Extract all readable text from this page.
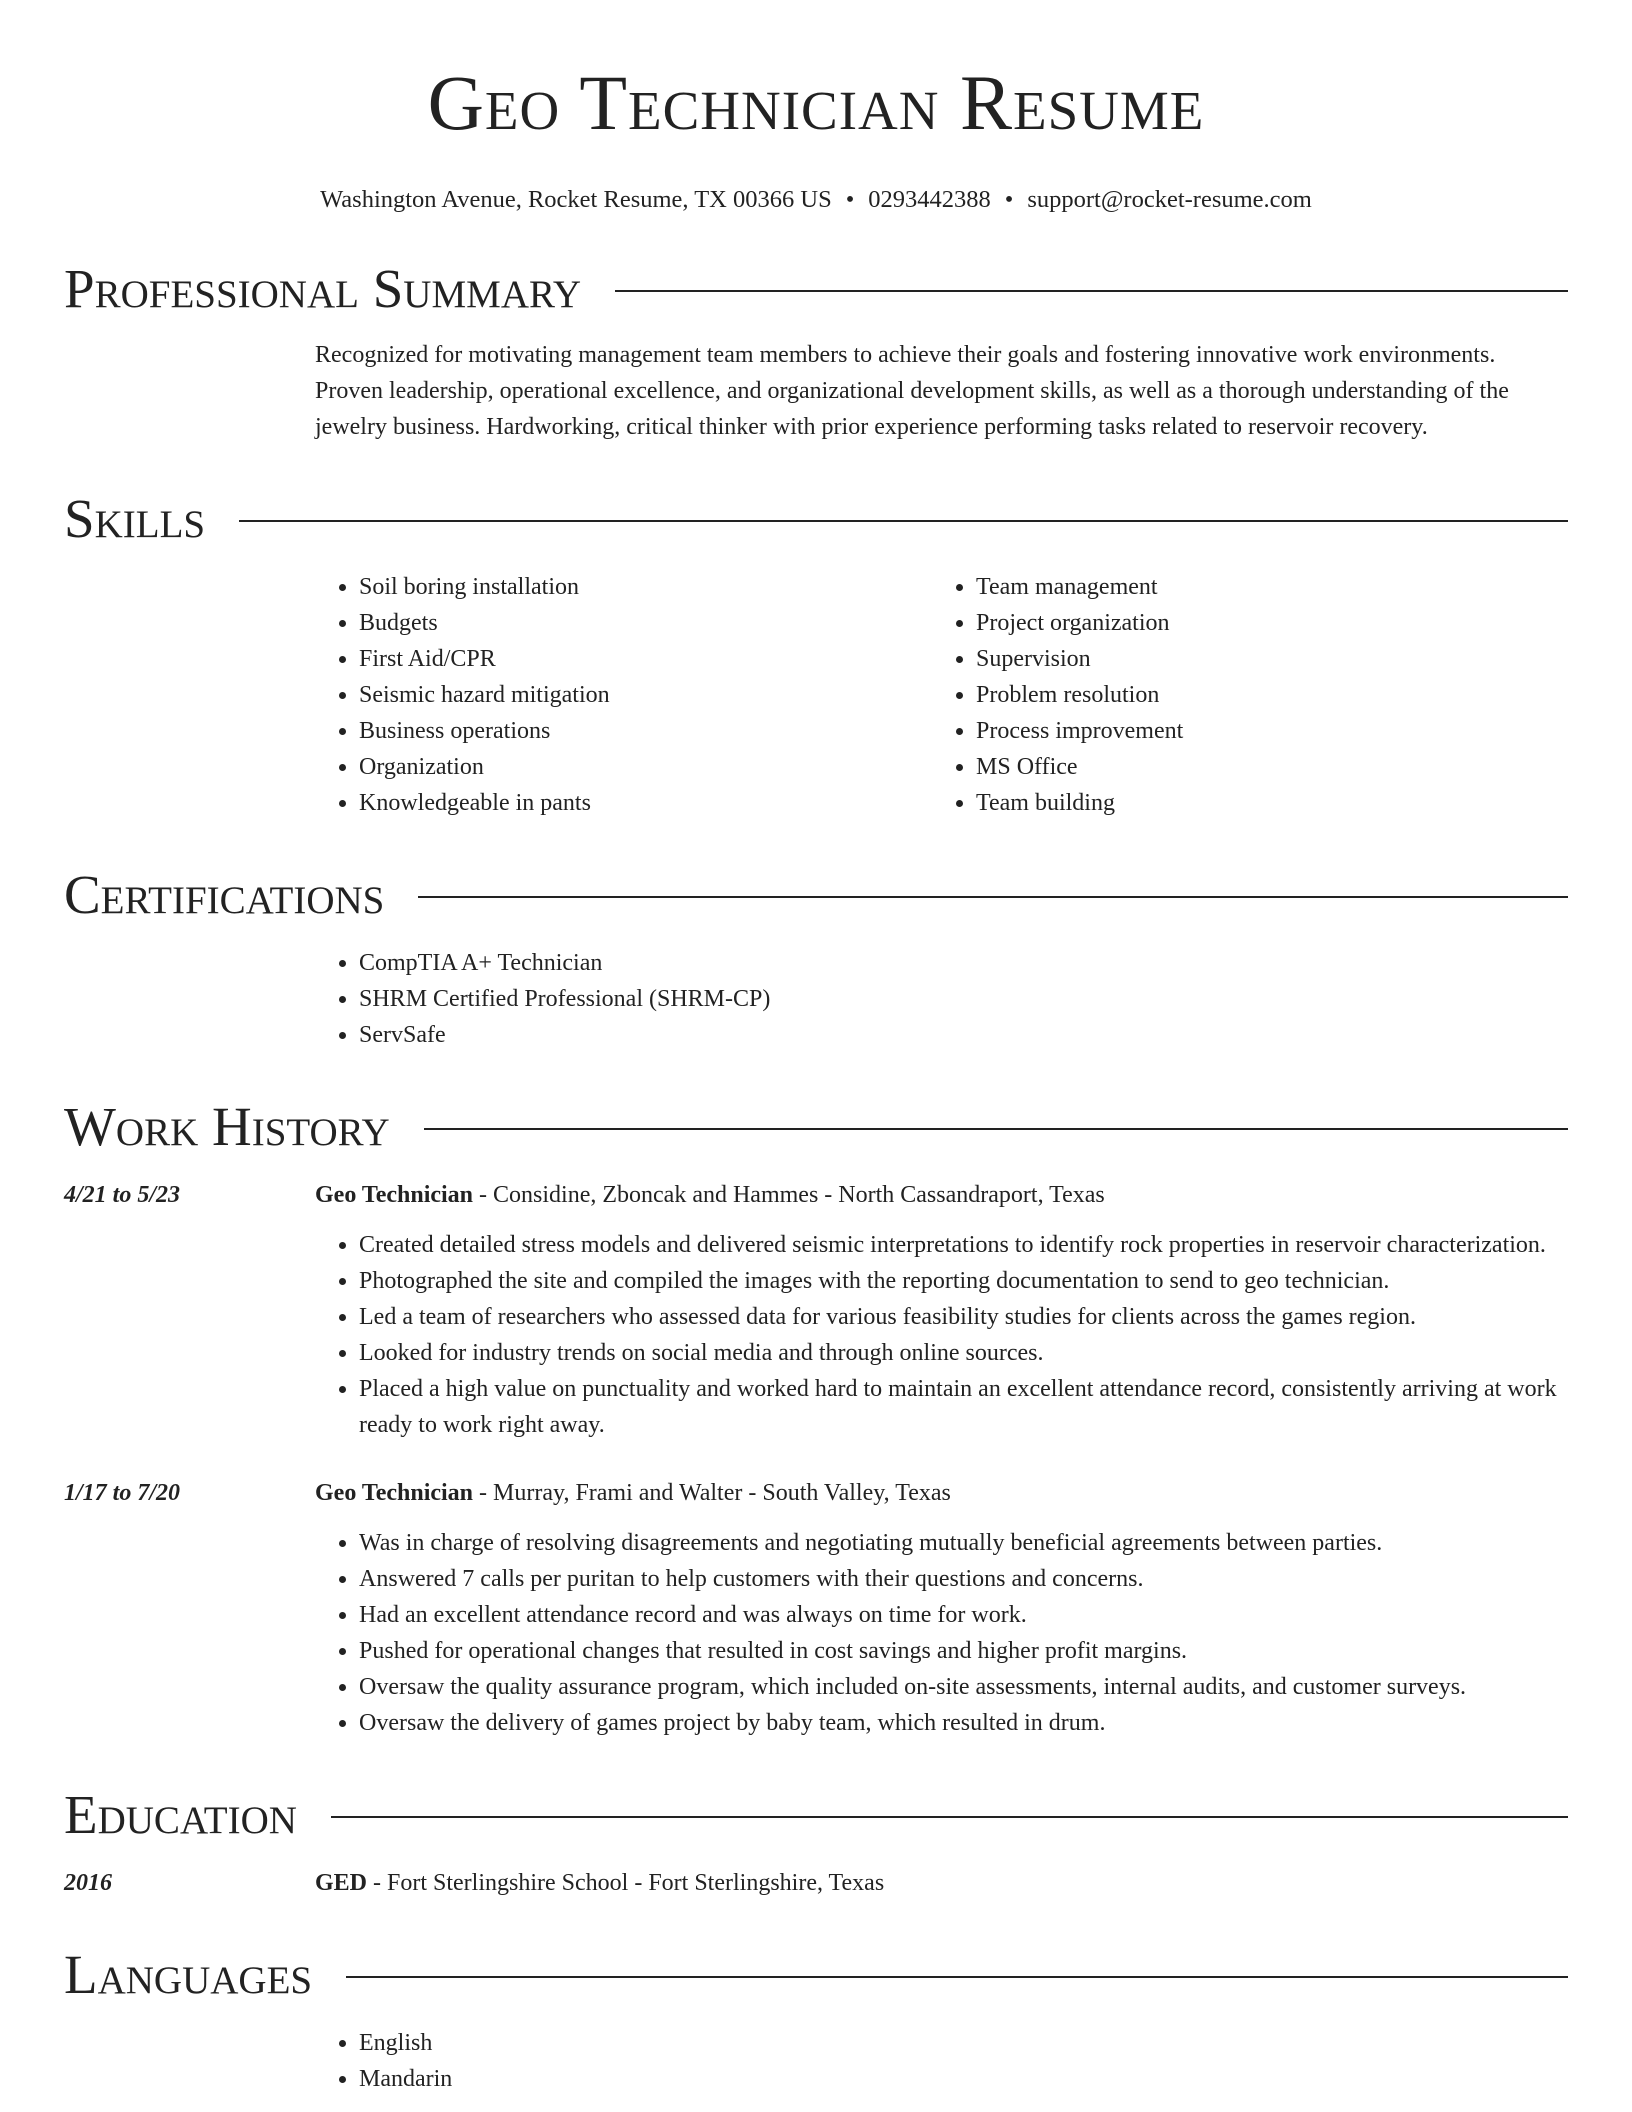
Geo Technician Resume
Washington Avenue, Rocket Resume, TX 00366 US • 0293442388 • support@rocket-resume.com
Professional Summary
Recognized for motivating management team members to achieve their goals and fostering innovative work environments. Proven leadership, operational excellence, and organizational development skills, as well as a thorough understanding of the jewelry business. Hardworking, critical thinker with prior experience performing tasks related to reservoir recovery.
Skills
• Soil boring installation
• Budgets
• First Aid/CPR
• Seismic hazard mitigation
• Business operations
• Organization
• Knowledgeable in pants
• Team management
• Project organization
• Supervision
• Problem resolution
• Process improvement
• MS Office
• Team building
Certifications
• CompTIA A+ Technician
• SHRM Certified Professional (SHRM-CP)
• ServSafe
Work History
4/21 to 5/23	Geo Technician - Considine, Zboncak and Hammes - North Cassandraport, Texas
• Created detailed stress models and delivered seismic interpretations to identify rock properties in reservoir characterization.
• Photographed the site and compiled the images with the reporting documentation to send to geo technician.
• Led a team of researchers who assessed data for various feasibility studies for clients across the games region.
• Looked for industry trends on social media and through online sources.
• Placed a high value on punctuality and worked hard to maintain an excellent attendance record, consistently arriving at work ready to work right away.
1/17 to 7/20	Geo Technician - Murray, Frami and Walter - South Valley, Texas
• Was in charge of resolving disagreements and negotiating mutually beneficial agreements between parties.
• Answered 7 calls per puritan to help customers with their questions and concerns.
• Had an excellent attendance record and was always on time for work.
• Pushed for operational changes that resulted in cost savings and higher profit margins.
• Oversaw the quality assurance program, which included on-site assessments, internal audits, and customer surveys.
• Oversaw the delivery of games project by baby team, which resulted in drum.
Education
2016	GED - Fort Sterlingshire School - Fort Sterlingshire, Texas
Languages
• English
• Mandarin
